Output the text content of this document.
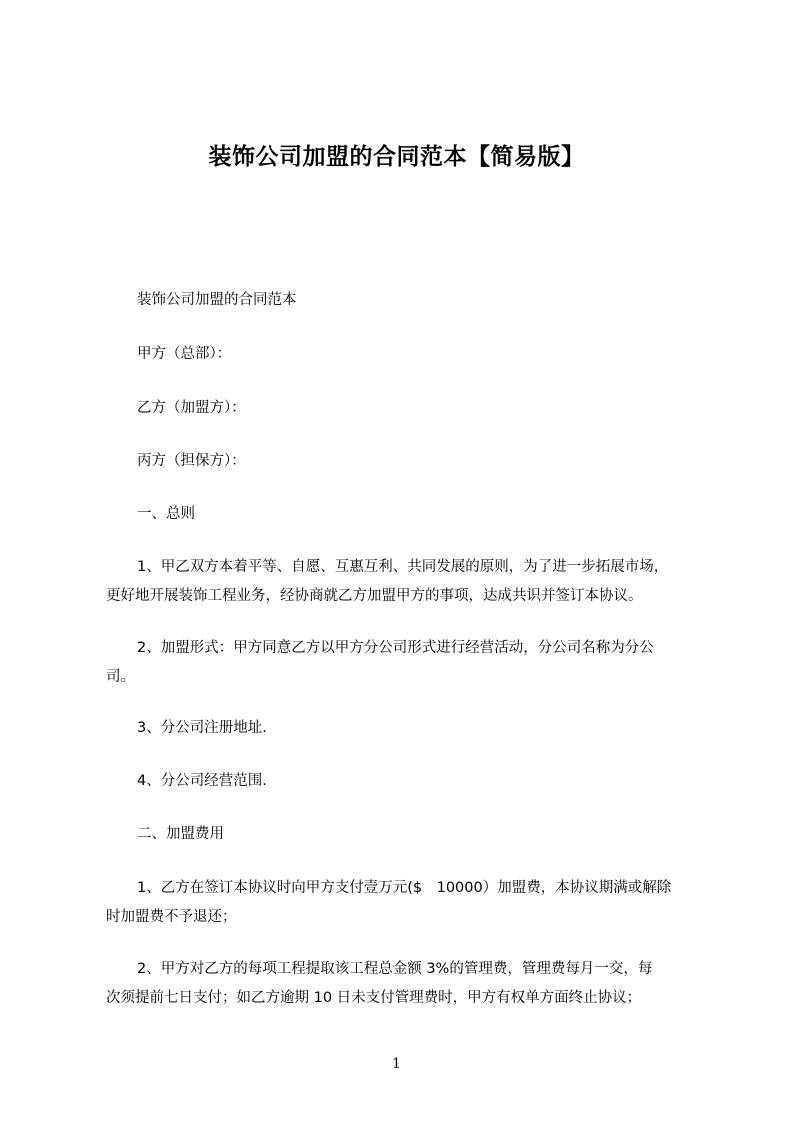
装饰公司加盟的合同范本【简易版】
装饰公司加盟的合同范本
甲方（总部）：
乙方（加盟方）：
丙方（担保方）：
一、总则
1、甲乙双方本着平等、自愿、互惠互利、共同发展的原则，为了进一步拓展市场，
更好地开展装饰工程业务，经协商就乙方加盟甲方的事项，达成共识并签订本协议。
2、加盟形式：甲方同意乙方以甲方分公司形式进行经营活动，分公司名称为分公
司。
3、分公司注册地址.
4、分公司经营范围.
二、加盟费用
1、乙方在签订本协议时向甲方支付壹万元($　10000）加盟费，本协议期满或解除
时加盟费不予退还；
2、甲方对乙方的每项工程提取该工程总金额 3%的管理费，管理费每月一交，每
次须提前七日支付；如乙方逾期 10 日未支付管理费时，甲方有权单方面终止协议；
1
